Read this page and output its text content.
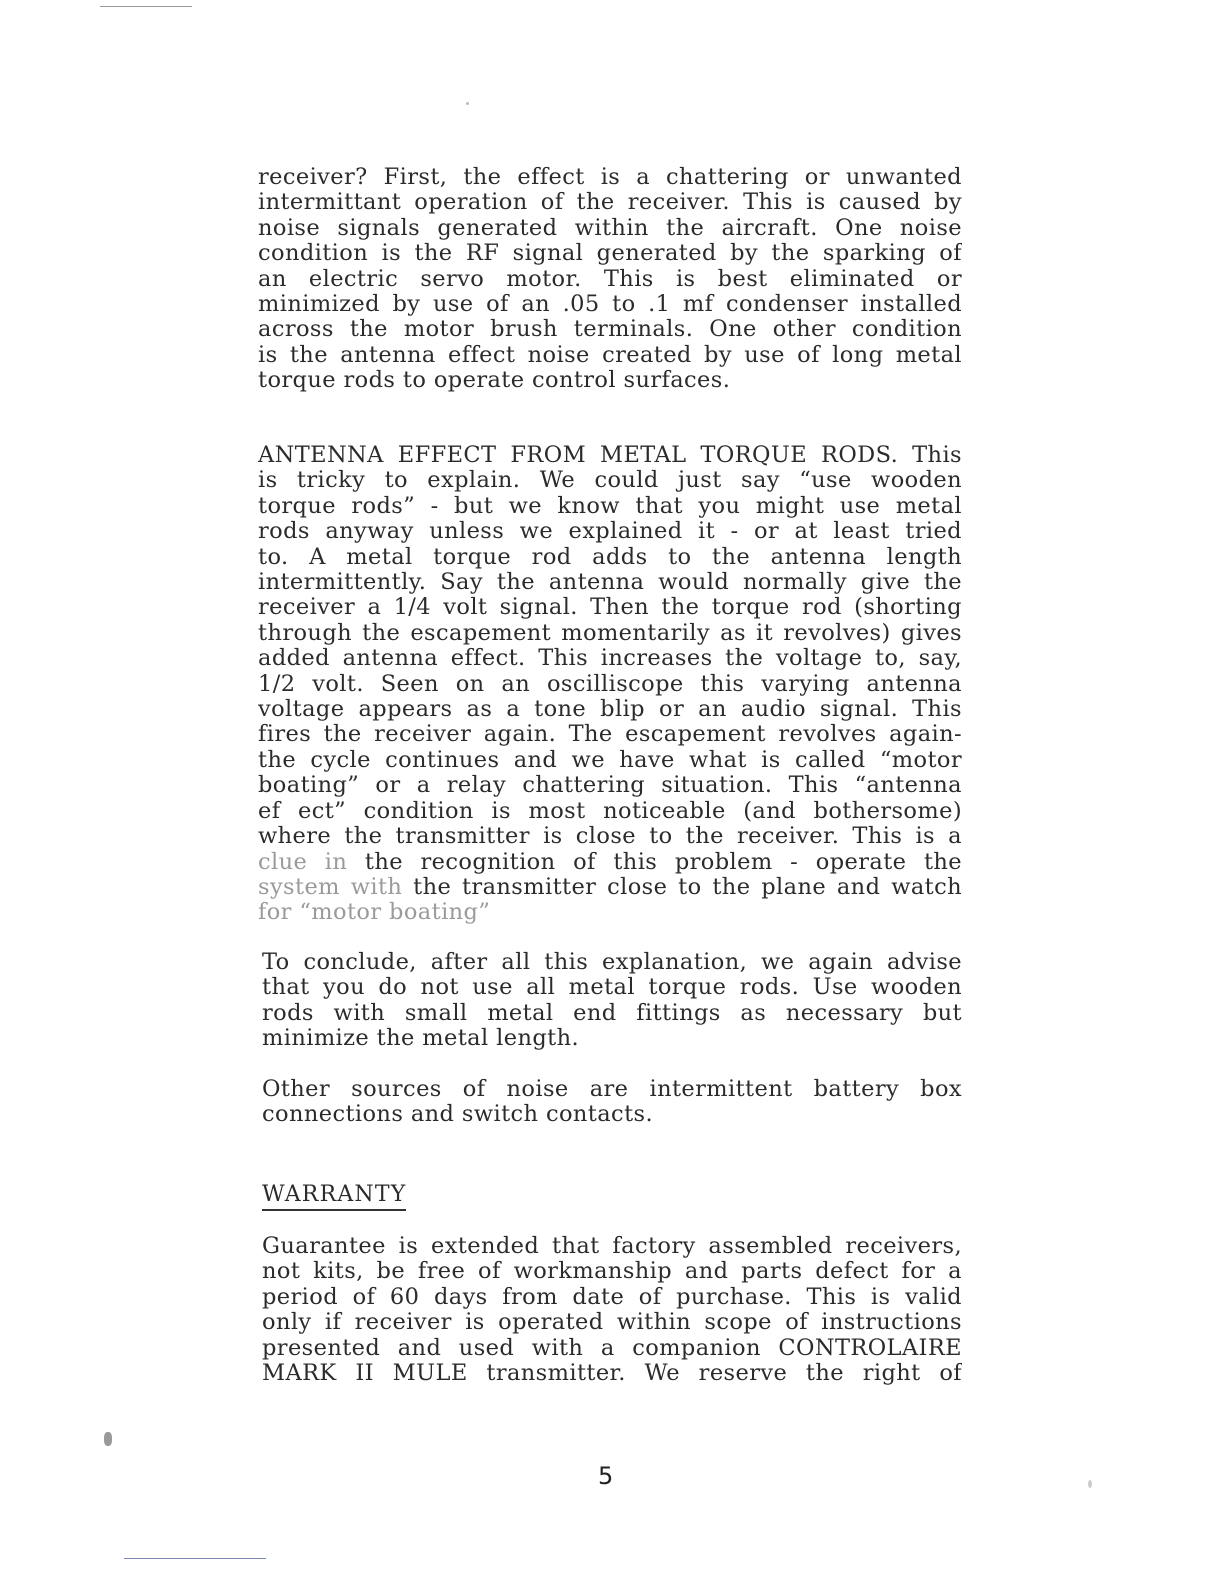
receiver? First, the effect is a chattering or unwanted
intermittant operation of the receiver. This is caused by
noise signals generated within the aircraft. One noise
condition is the RF signal generated by the sparking of
an electric servo motor. This is best eliminated or
minimized by use of an .05 to .1 mf condenser installed
across the motor brush terminals. One other condition
is the antenna effect noise created by use of long metal
torque rods to operate control surfaces.
ANTENNA EFFECT FROM METAL TORQUE RODS. This
is tricky to explain. We could just say “use wooden
torque rods” - but we know that you might use metal
rods anyway unless we explained it - or at least tried
to. A metal torque rod adds to the antenna length
intermittently. Say the antenna would normally give the
receiver a 1/4 volt signal. Then the torque rod (shorting
through the escapement momentarily as it revolves) gives
added antenna effect. This increases the voltage to, say,
1/2 volt. Seen on an oscilliscope this varying antenna
voltage appears as a tone blip or an audio signal. This
fires the receiver again. The escapement revolves again-
the cycle continues and we have what is called “motor
boating” or a relay chattering situation. This “antenna
ef ect” condition is most noticeable (and bothersome)
where the transmitter is close to the receiver. This is a
clue in the recognition of this problem - operate the
system with the transmitter close to the plane and watch
for “motor boating”
To conclude, after all this explanation, we again advise
that you do not use all metal torque rods. Use wooden
rods with small metal end fittings as necessary but
minimize the metal length.
Other sources of noise are intermittent battery box
connections and switch contacts.
WARRANTY
Guarantee is extended that factory assembled receivers,
not kits, be free of workmanship and parts defect for a
period of 60 days from date of purchase. This is valid
only if receiver is operated within scope of instructions
presented and used with a companion CONTROLAIRE
MARK II MULE transmitter. We reserve the right of
5
